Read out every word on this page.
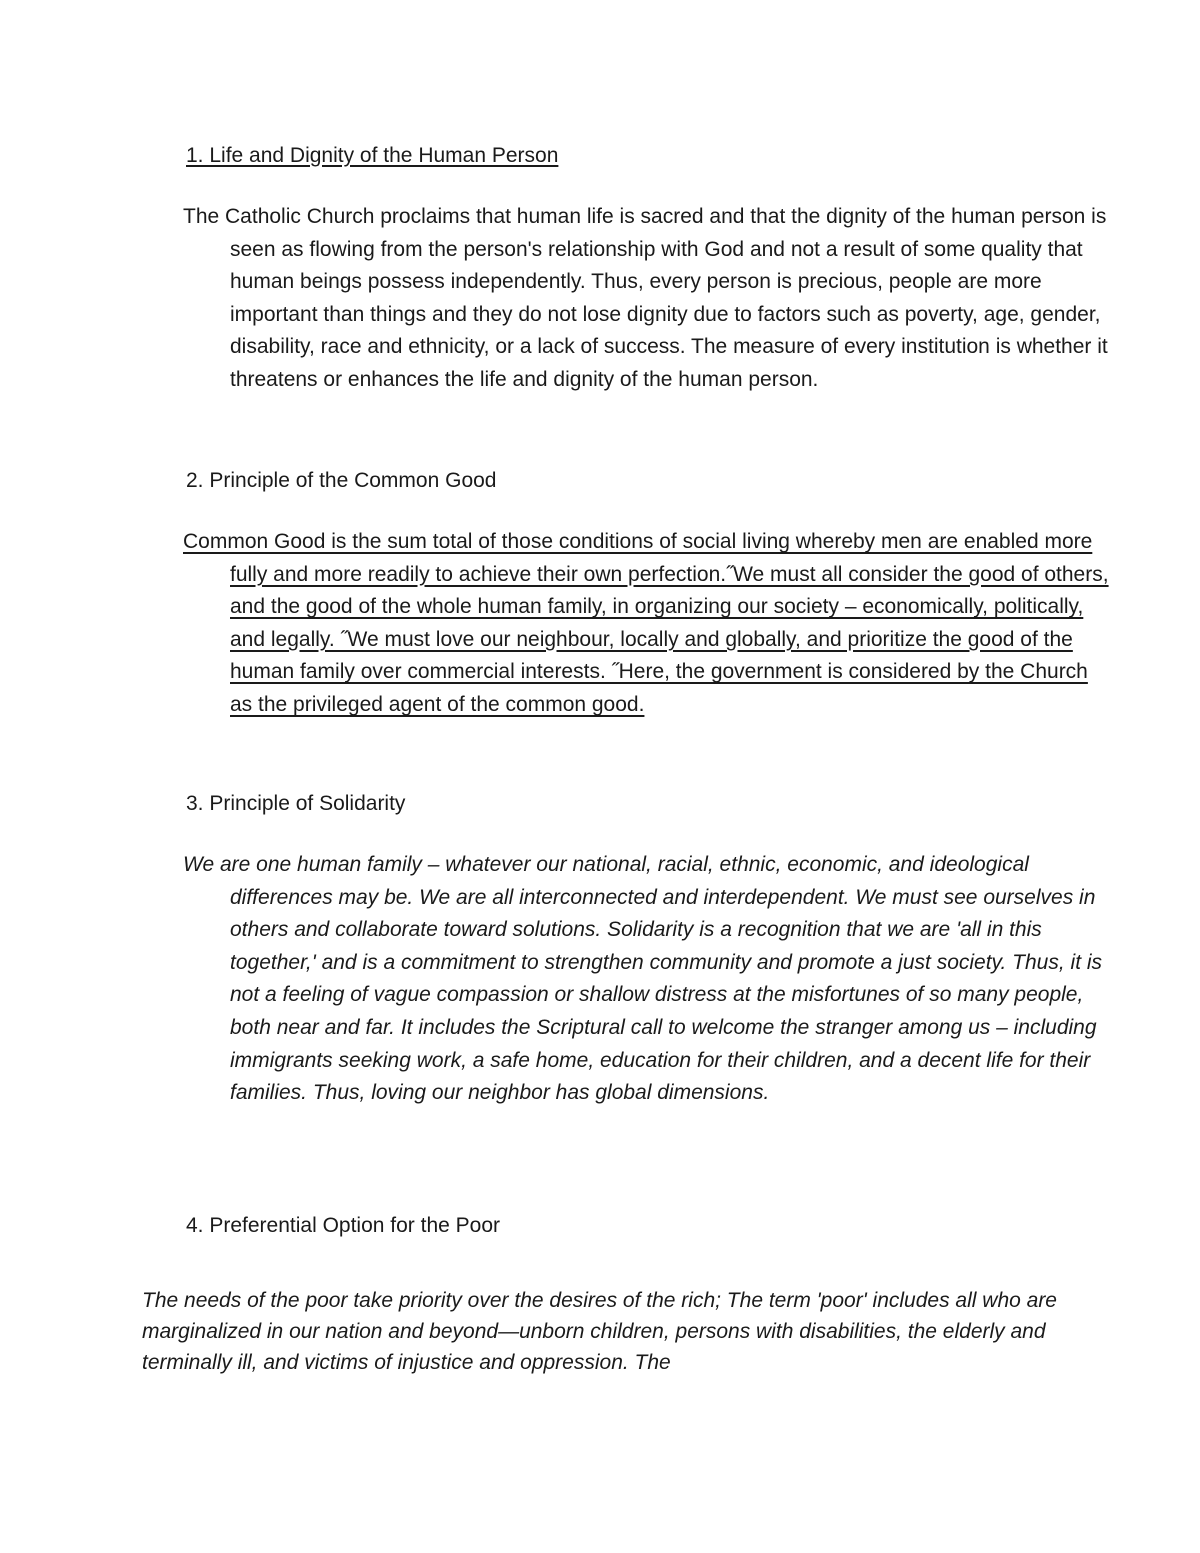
1. Life and Dignity of the Human Person

The Catholic Church proclaims that human life is sacred and that the dignity of the human person is seen as flowing from the person's relationship with God and not a result of some quality that human beings possess independently. Thus, every person is precious, people are more important than things and they do not lose dignity due to factors such as poverty, age, gender, disability, race and ethnicity, or a lack of success. The measure of every institution is whether it threatens or enhances the life and dignity of the human person.

2. Principle of the Common Good

Common Good is the sum total of those conditions of social living whereby men are enabled more fully and more readily to achieve their own perfection.˝We must all consider the good of others, and the good of the whole human family, in organizing our society – economically, politically, and legally. ˝We must love our neighbour, locally and globally, and prioritize the good of the human family over commercial interests. ˝Here, the government is considered by the Church as the privileged agent of the common good.

3. Principle of Solidarity

We are one human family – whatever our national, racial, ethnic, economic, and ideological differences may be. We are all interconnected and interdependent. We must see ourselves in others and collaborate toward solutions. Solidarity is a recognition that we are 'all in this together,' and is a commitment to strengthen community and promote a just society. Thus, it is not a feeling of vague compassion or shallow distress at the misfortunes of so many people, both near and far. It includes the Scriptural call to welcome the stranger among us – including immigrants seeking work, a safe home, education for their children, and a decent life for their families. Thus, loving our neighbor has global dimensions.

4. Preferential Option for the Poor

The needs of the poor take priority over the desires of the rich; The term 'poor' includes all who are marginalized in our nation and beyond—unborn children, persons with disabilities, the elderly and terminally ill, and victims of injustice and oppression. The
